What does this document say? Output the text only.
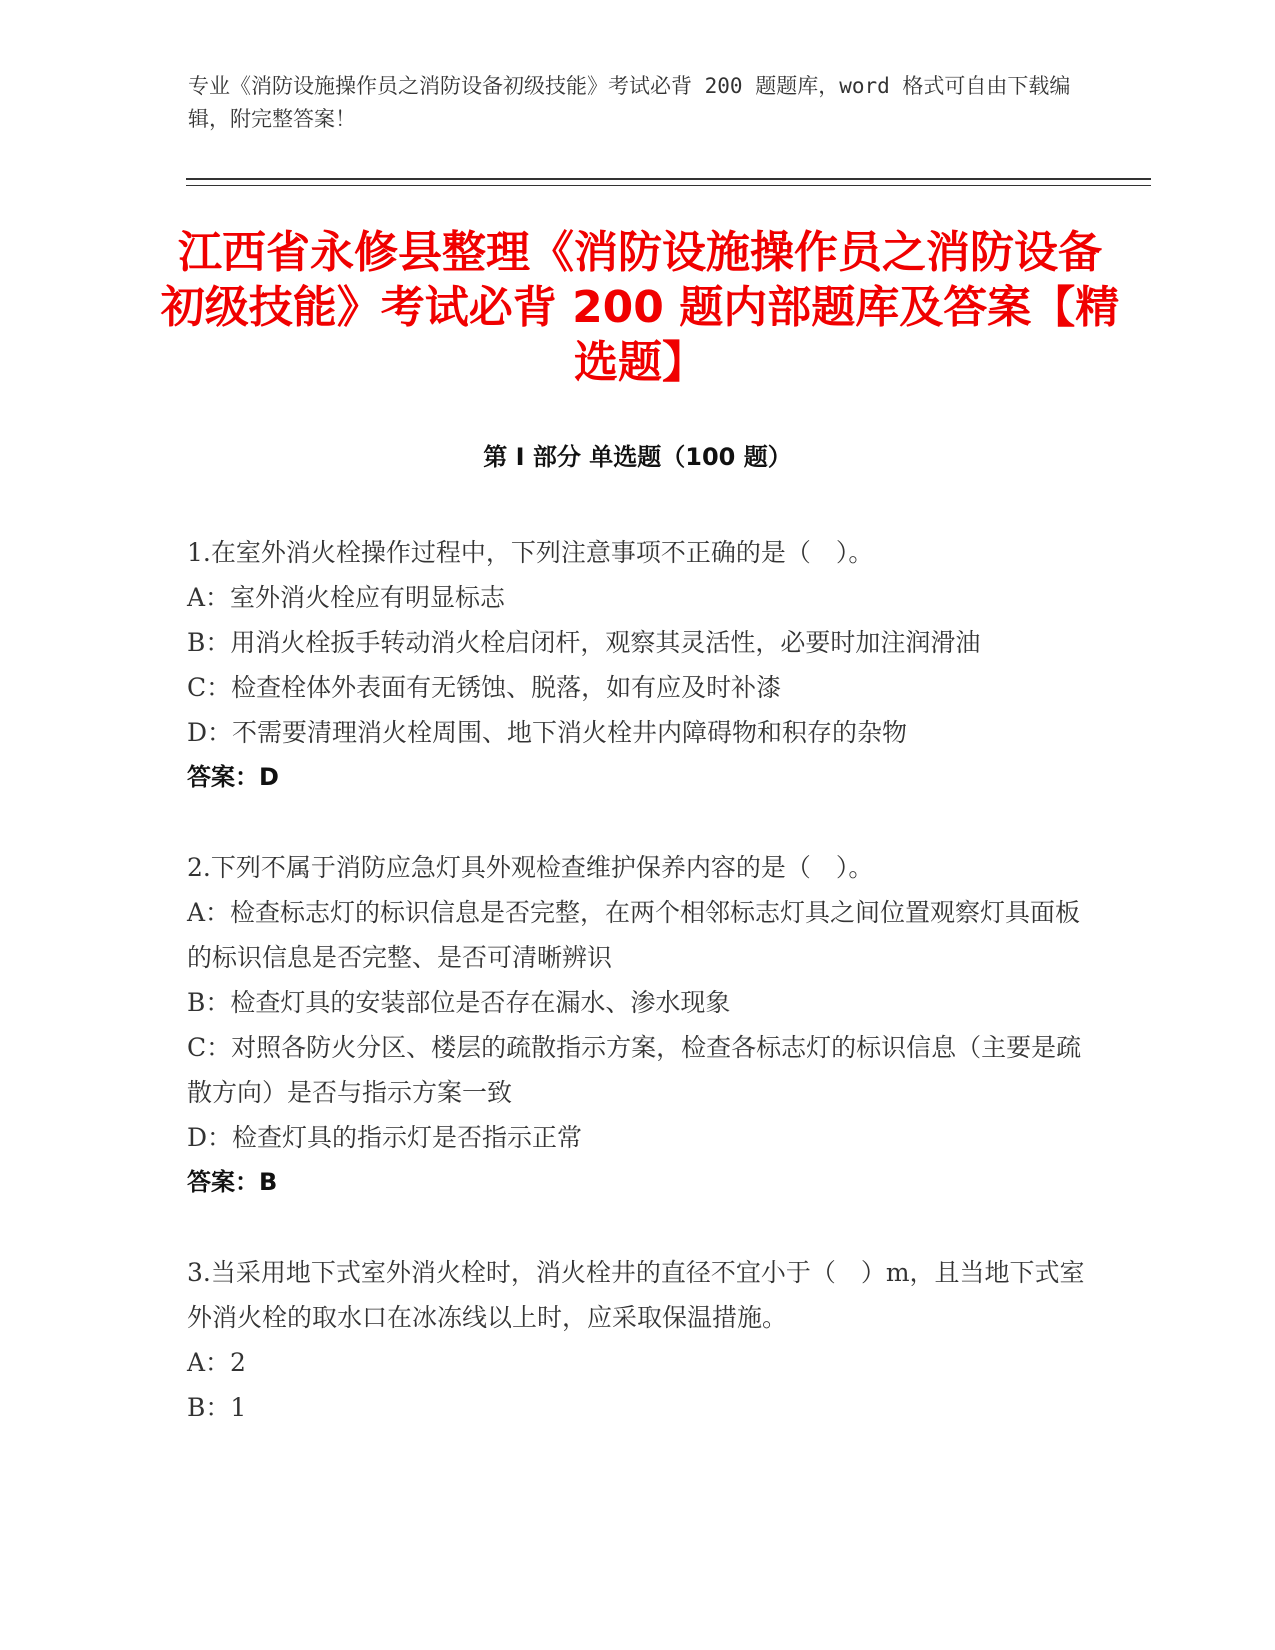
专业《消防设施操作员之消防设备初级技能》考试必背 200 题题库，word 格式可自由下载编辑，附完整答案！
江西省永修县整理《消防设施操作员之消防设备初级技能》考试必背 200 题内部题库及答案【精选题】
第 I 部分 单选题（100 题）

1.在室外消火栓操作过程中，下列注意事项不正确的是（　）。

A：室外消火栓应有明显标志

B：用消火栓扳手转动消火栓启闭杆，观察其灵活性，必要时加注润滑油

C：检查栓体外表面有无锈蚀、脱落，如有应及时补漆

D：不需要清理消火栓周围、地下消火栓井内障碍物和积存的杂物

答案：D

2.下列不属于消防应急灯具外观检查维护保养内容的是（　）。

A：检查标志灯的标识信息是否完整，在两个相邻标志灯具之间位置观察灯具面板的标识信息是否完整、是否可清晰辨识

B：检查灯具的安装部位是否存在漏水、渗水现象

C：对照各防火分区、楼层的疏散指示方案，检查各标志灯的标识信息（主要是疏散方向）是否与指示方案一致

D：检查灯具的指示灯是否指示正常

答案：B

3.当采用地下式室外消火栓时，消火栓井的直径不宜小于（　）m，且当地下式室外消火栓的取水口在冰冻线以上时，应采取保温措施。

A：2

B：1
